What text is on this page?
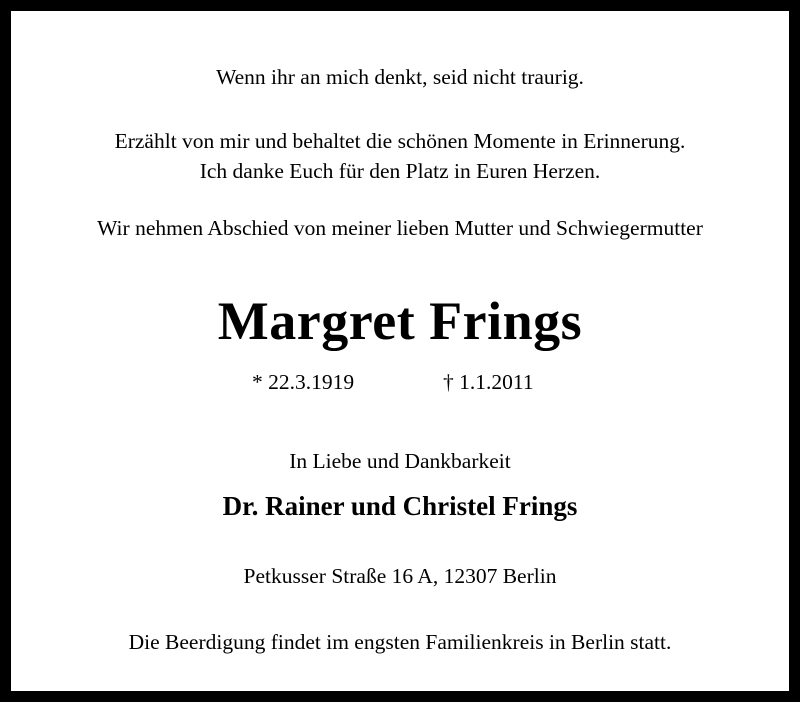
Wenn ihr an mich denkt, seid nicht traurig.
Erzählt von mir und behaltet die schönen Momente in Erinnerung.
Ich danke Euch für den Platz in Euren Herzen.
Wir nehmen Abschied von meiner lieben Mutter und Schwiegermutter
Margret Frings
* 22.3.1919	† 1.1.2011
In Liebe und Dankbarkeit
Dr. Rainer und Christel Frings
Petkusser Straße 16 A, 12307 Berlin
Die Beerdigung findet im engsten Familienkreis in Berlin statt.
